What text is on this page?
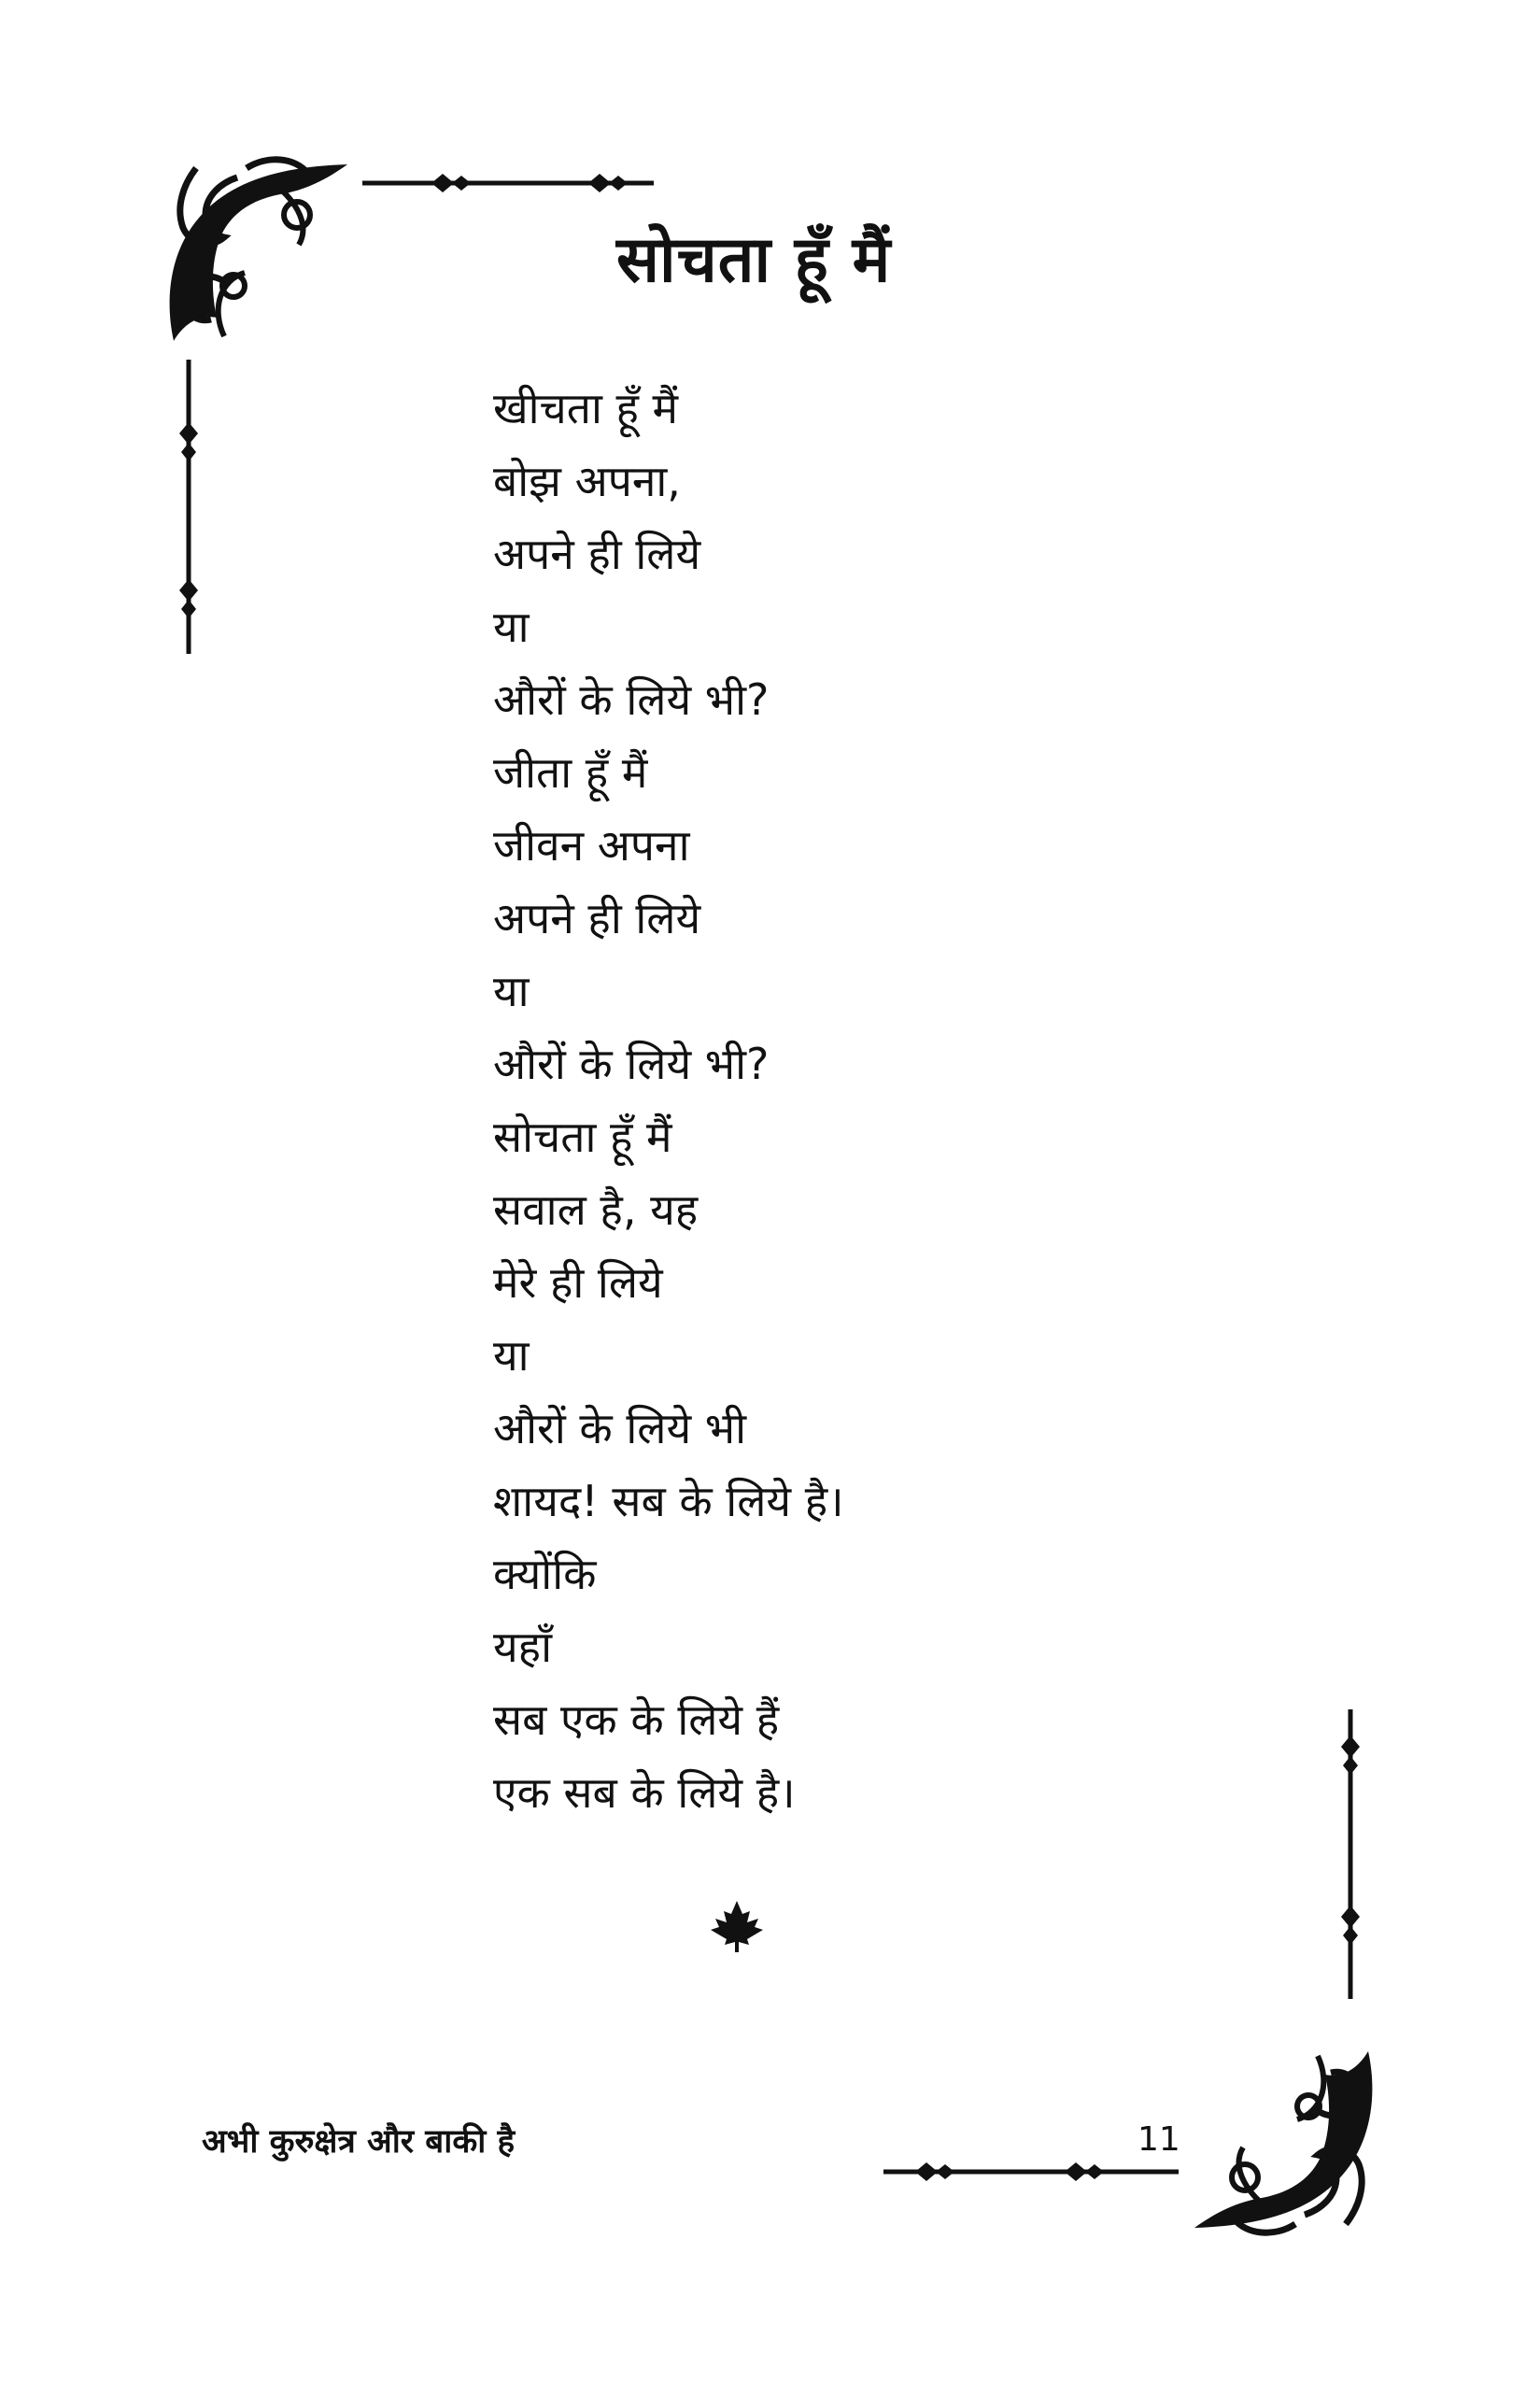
सोचता हूँ मैं
खीचता हूँ मैं
बोझ अपना,
अपने ही लिये
या
औरों के लिये भी?
जीता हूँ मैं
जीवन अपना
अपने ही लिये
या
औरों के लिये भी?
सोचता हूँ मैं
सवाल है, यह
मेरे ही लिये
या
औरों के लिये भी
शायद! सब के लिये है।
क्योंकि
यहाँ
सब एक के लिये हैं
एक सब के लिये है।
अभी कुरुक्षेत्र और बाकी है	11
